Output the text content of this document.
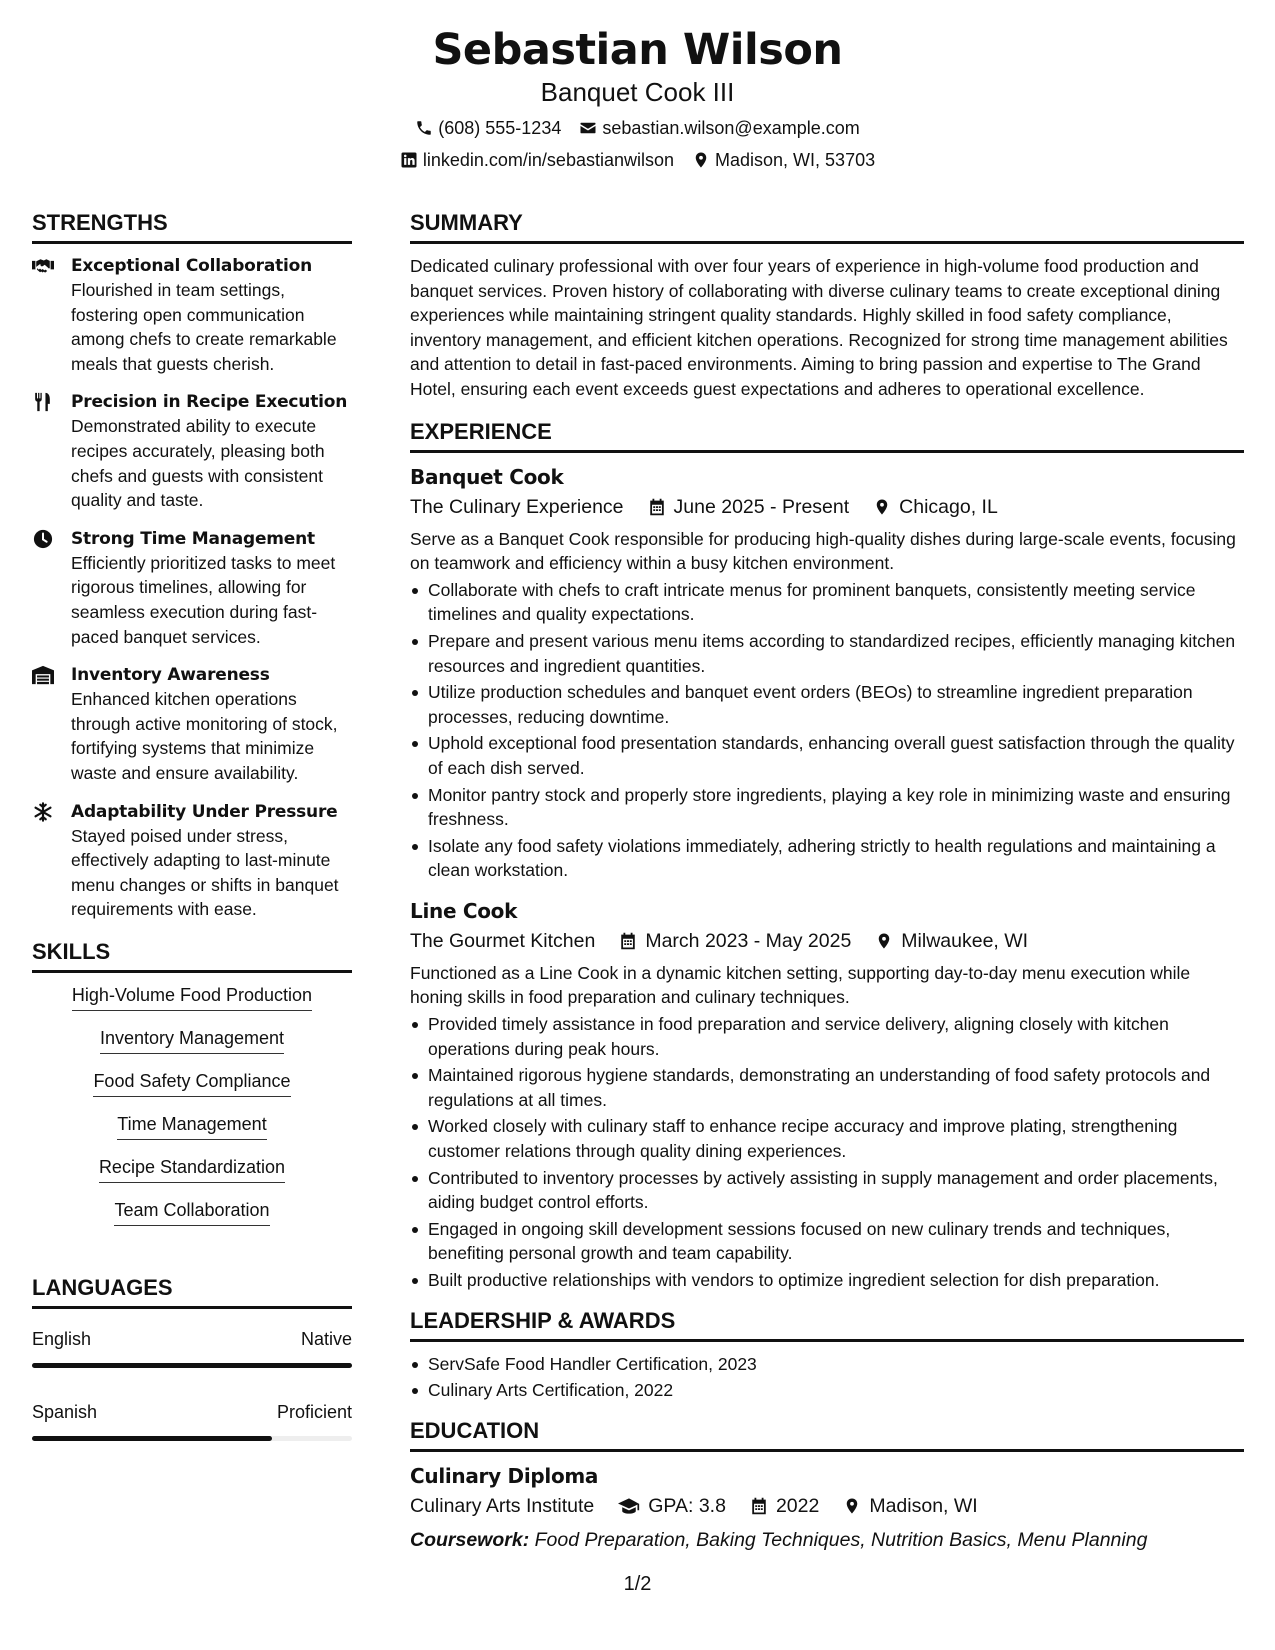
Sebastian Wilson
Banquet Cook III
(608) 555-1234 sebastian.wilson@example.com
linkedin.com/in/sebastianwilson Madison, WI, 53703
STRENGTHS
Exceptional Collaboration
Flourished in team settings, fostering open communication among chefs to create remarkable meals that guests cherish.
Precision in Recipe Execution
Demonstrated ability to execute recipes accurately, pleasing both chefs and guests with consistent quality and taste.
Strong Time Management
Efficiently prioritized tasks to meet rigorous timelines, allowing for seamless execution during fast-paced banquet services.
Inventory Awareness
Enhanced kitchen operations through active monitoring of stock, fortifying systems that minimize waste and ensure availability.
Adaptability Under Pressure
Stayed poised under stress, effectively adapting to last-minute menu changes or shifts in banquet requirements with ease.
SKILLS
High-Volume Food Production
Inventory Management
Food Safety Compliance
Time Management
Recipe Standardization
Team Collaboration
LANGUAGES
English	Native
Spanish	Proficient
SUMMARY
Dedicated culinary professional with over four years of experience in high-volume food production and banquet services. Proven history of collaborating with diverse culinary teams to create exceptional dining experiences while maintaining stringent quality standards. Highly skilled in food safety compliance, inventory management, and efficient kitchen operations. Recognized for strong time management abilities and attention to detail in fast-paced environments. Aiming to bring passion and expertise to The Grand Hotel, ensuring each event exceeds guest expectations and adheres to operational excellence.
EXPERIENCE
Banquet Cook
The Culinary Experience	June 2025 - Present	Chicago, IL
Serve as a Banquet Cook responsible for producing high-quality dishes during large-scale events, focusing on teamwork and efficiency within a busy kitchen environment.
Collaborate with chefs to craft intricate menus for prominent banquets, consistently meeting service timelines and quality expectations.
Prepare and present various menu items according to standardized recipes, efficiently managing kitchen resources and ingredient quantities.
Utilize production schedules and banquet event orders (BEOs) to streamline ingredient preparation processes, reducing downtime.
Uphold exceptional food presentation standards, enhancing overall guest satisfaction through the quality of each dish served.
Monitor pantry stock and properly store ingredients, playing a key role in minimizing waste and ensuring freshness.
Isolate any food safety violations immediately, adhering strictly to health regulations and maintaining a clean workstation.
Line Cook
The Gourmet Kitchen	March 2023 - May 2025	Milwaukee, WI
Functioned as a Line Cook in a dynamic kitchen setting, supporting day-to-day menu execution while honing skills in food preparation and culinary techniques.
Provided timely assistance in food preparation and service delivery, aligning closely with kitchen operations during peak hours.
Maintained rigorous hygiene standards, demonstrating an understanding of food safety protocols and regulations at all times.
Worked closely with culinary staff to enhance recipe accuracy and improve plating, strengthening customer relations through quality dining experiences.
Contributed to inventory processes by actively assisting in supply management and order placements, aiding budget control efforts.
Engaged in ongoing skill development sessions focused on new culinary trends and techniques, benefiting personal growth and team capability.
Built productive relationships with vendors to optimize ingredient selection for dish preparation.
LEADERSHIP & AWARDS
ServSafe Food Handler Certification, 2023
Culinary Arts Certification, 2022
EDUCATION
Culinary Diploma
Culinary Arts Institute	GPA: 3.8	2022	Madison, WI
Coursework: Food Preparation, Baking Techniques, Nutrition Basics, Menu Planning
1/2
